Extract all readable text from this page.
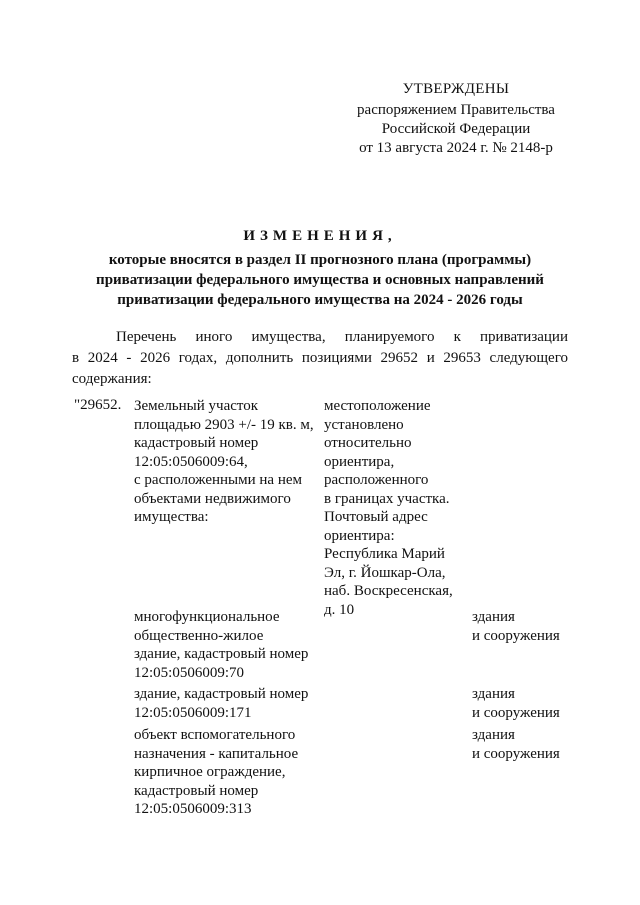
УТВЕРЖДЕНЫ
распоряжением Правительства
Российской Федерации
от 13 августа 2024 г. № 2148-р
ИЗМЕНЕНИЯ,
которые вносятся в раздел II прогнозного плана (программы)
приватизации федерального имущества и основных направлений
приватизации федерального имущества на 2024 - 2026 годы
Перечень иного имущества, планируемого к приватизации
в 2024 - 2026 годах, дополнить позициями 29652 и 29653 следующего
содержания:
"29652. Земельный участок
площадью 2903 +/- 19 кв. м,
кадастровый номер
12:05:0506009:64,
с расположенными на нем
объектами недвижимого
имущества:
местоположение
установлено
относительно
ориентира,
расположенного
в границах участка.
Почтовый адрес
ориентира:
Республика Марий
Эл, г. Йошкар-Ола,
наб. Воскресенская,
д. 10
многофункциональное
общественно-жилое
здание, кадастровый номер
12:05:0506009:70
здания
и сооружения
здание, кадастровый номер
12:05:0506009:171
здания
и сооружения
объект вспомогательного
назначения - капитальное
кирпичное ограждение,
кадастровый номер
12:05:0506009:313
здания
и сооружения
